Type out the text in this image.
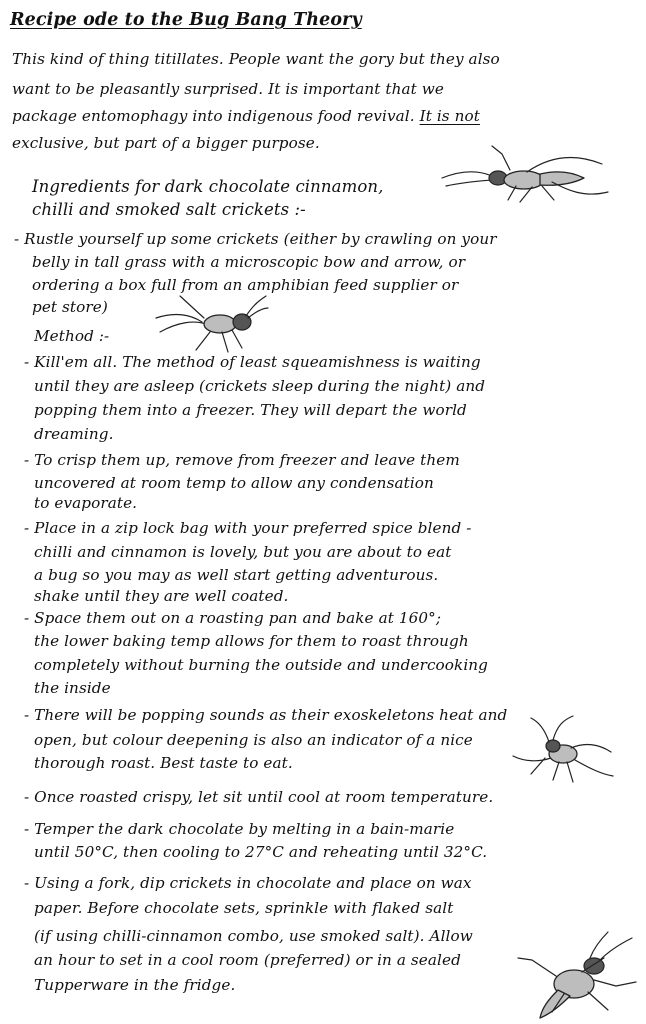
Recipe ode to the Bug Bang Theory
This kind of thing titillates. People want the gory but they also
want to be pleasantly surprised. It is important that we
package entomophagy into indigenous food revival. It is not
exclusive, but part of a bigger purpose.
Ingredients for dark chocolate cinnamon,
chilli and smoked salt crickets :-
- Rustle yourself up some crickets (either by crawling on your
belly in tall grass with a microscopic bow and arrow, or
ordering a box full from an amphibian feed supplier or
pet store)
Method :-
- Kill'em all. The method of least squeamishness is waiting
until they are asleep (crickets sleep during the night) and
popping them into a freezer. They will depart the world
dreaming.
- To crisp them up, remove from freezer and leave them
uncovered at room temp to allow any condensation
to evaporate.
- Place in a zip lock bag with your preferred spice blend -
chilli and cinnamon is lovely, but you are about to eat
a bug so you may as well start getting adventurous.
shake until they are well coated.
- Space them out on a roasting pan and bake at 160°;
the lower baking temp allows for them to roast through
completely without burning the outside and undercooking
the inside
- There will be popping sounds as their exoskeletons heat and
open, but colour deepening is also an indicator of a nice
thorough roast. Best taste to eat.
- Once roasted crispy, let sit until cool at room temperature.
- Temper the dark chocolate by melting in a bain-marie
until 50°C, then cooling to 27°C and reheating until 32°C.
- Using a fork, dip crickets in chocolate and place on wax
paper. Before chocolate sets, sprinkle with flaked salt
(if using chilli-cinnamon combo, use smoked salt). Allow
an hour to set in a cool room (preferred) or in a sealed
Tupperware in the fridge.
